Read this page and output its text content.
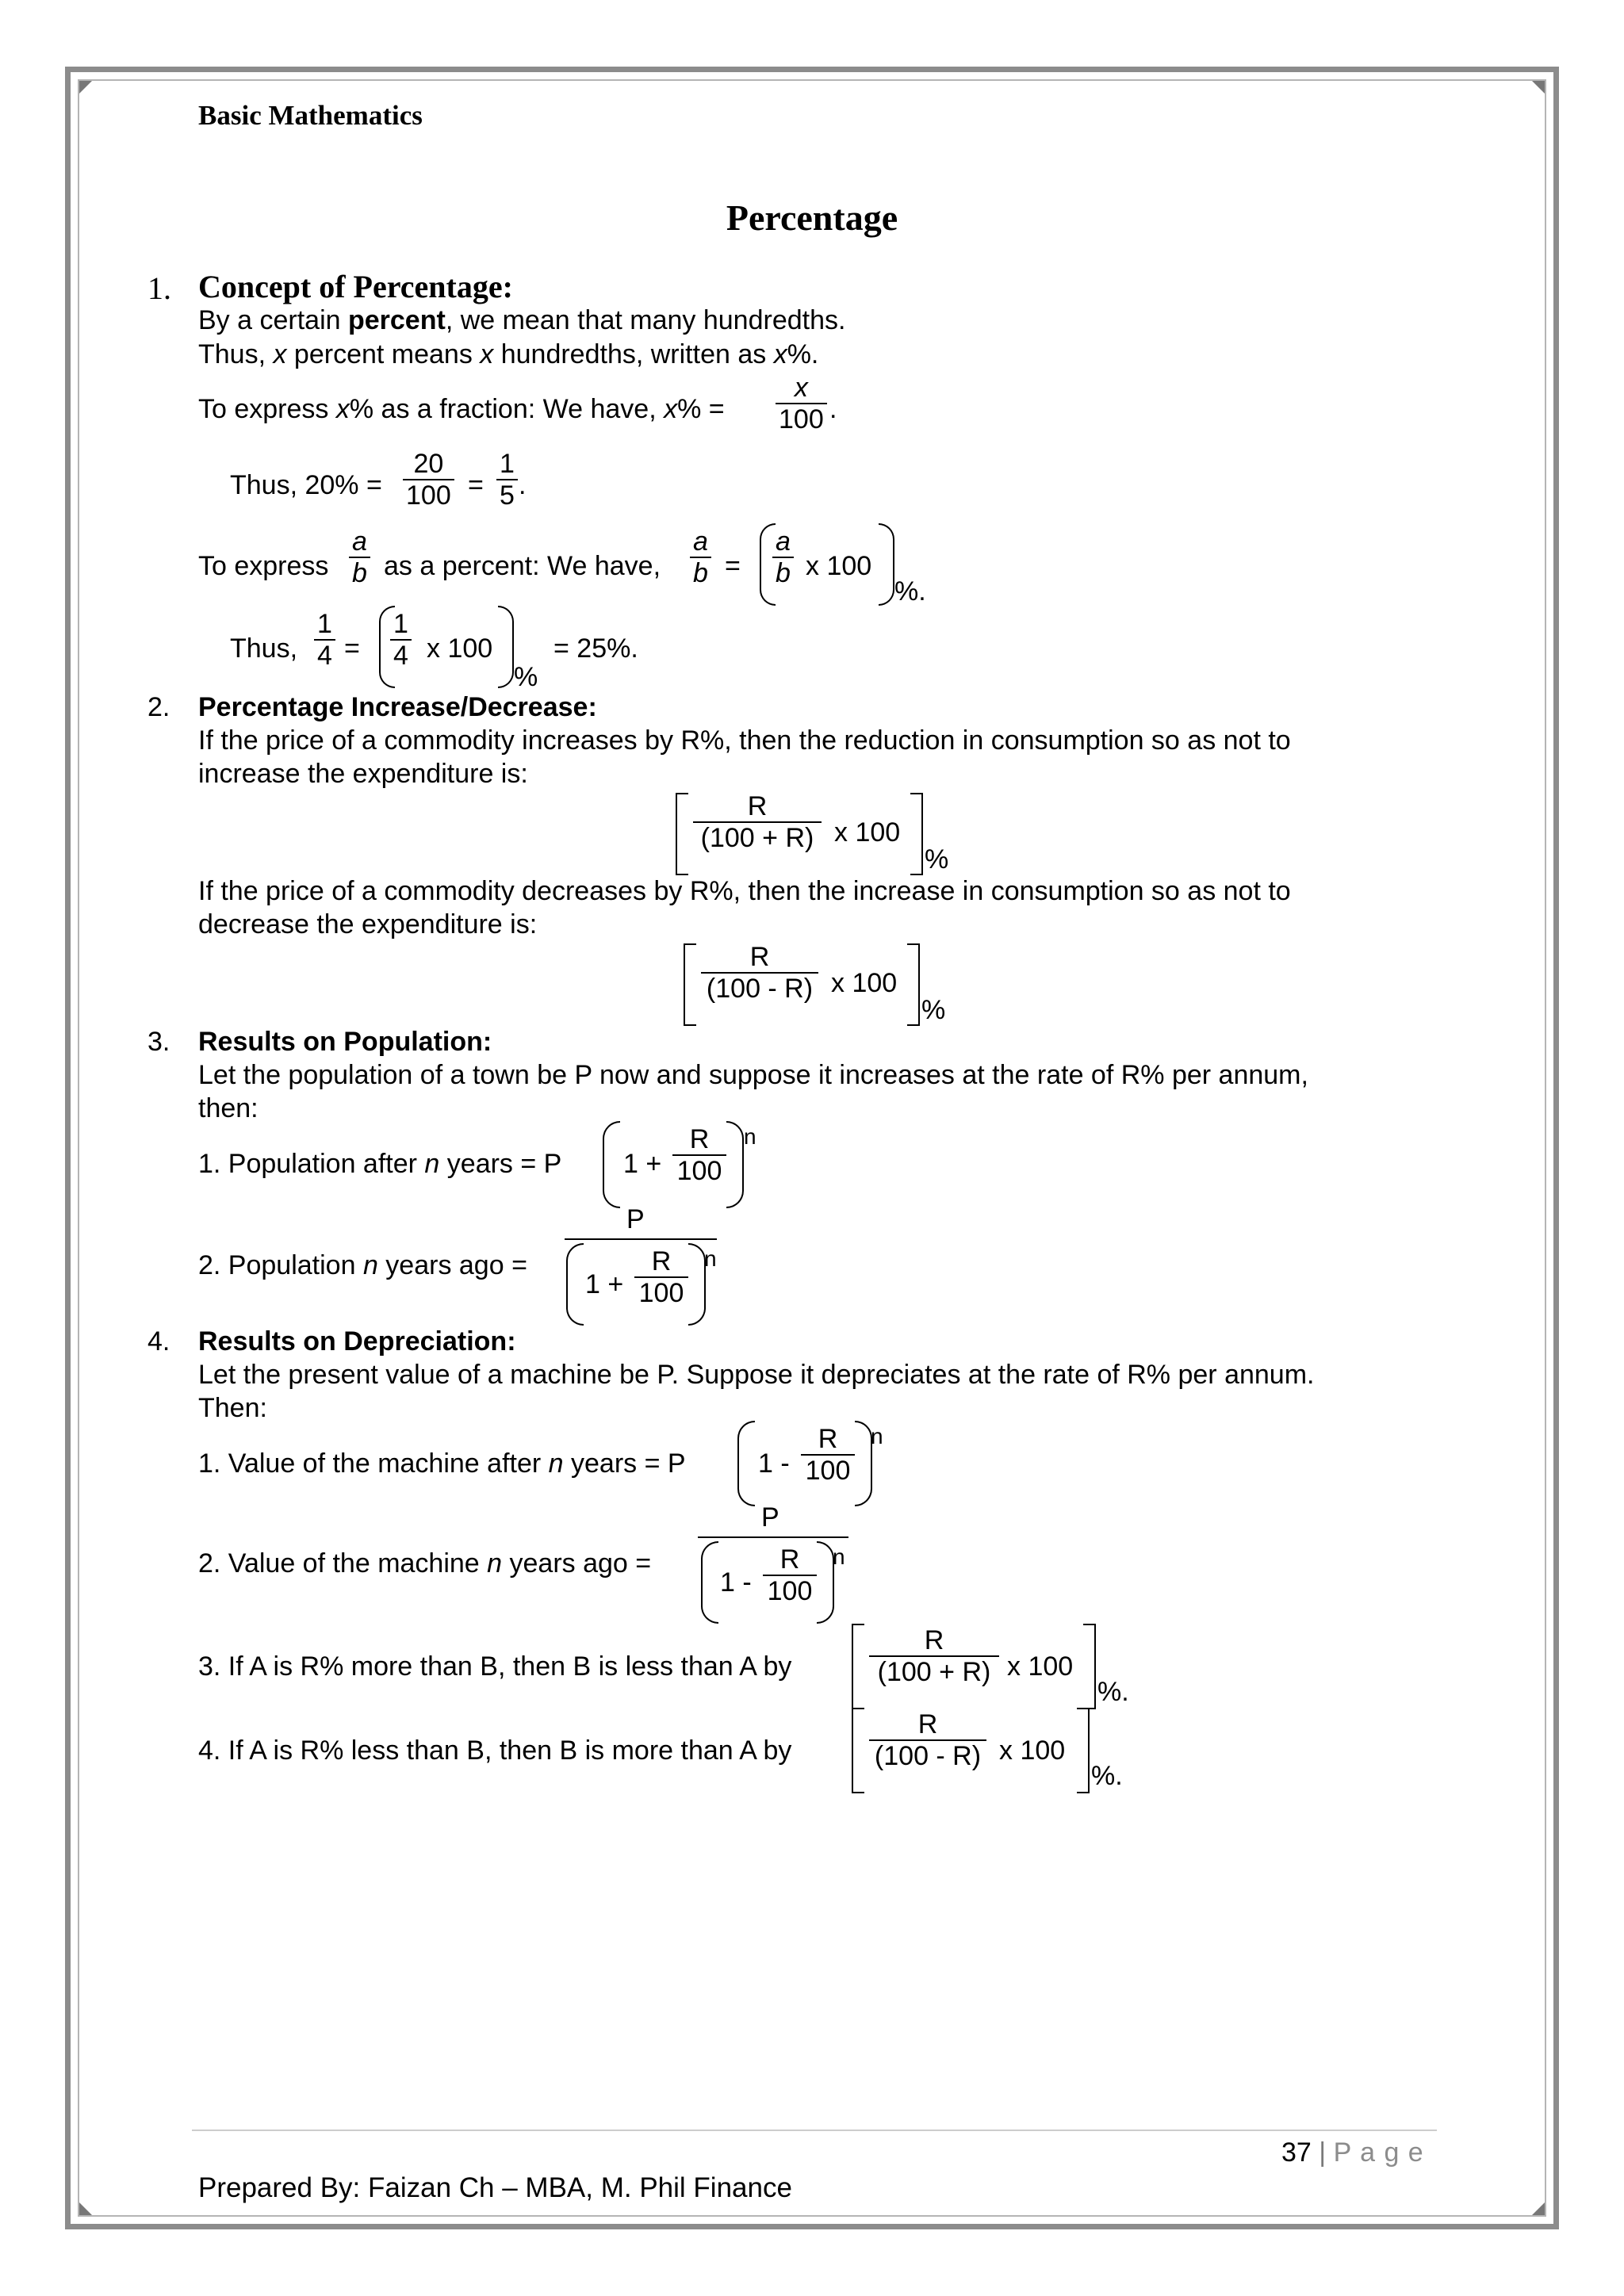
Basic Mathematics
Percentage
1. Concept of Percentage:
By a certain percent, we mean that many hundredths.
Thus, x percent means x hundredths, written as x%.
To express x% as a fraction: We have, $x\% = \frac{x}{100}$ .
Thus, $20\% = \frac{20}{100} = \frac{1}{5}$ .
To express $\frac{a}{b}$ as a percent: We have, $\frac{a}{b} = \frac{a}{b}$ x 100
%.
Thus, $\frac{1}{4} = \frac{1}{4}$ x 100
%
= 25%.
2. Percentage Increase/Decrease:
If the price of a commodity increases by R%, then the reduction in consumption so as not to
increase the expenditure is:
$\frac{R}{(100 + R)}$ x 100
%
If the price of a commodity decreases by R%, then the increase in consumption so as not to
decrease the expenditure is:
$\frac{R}{(100 - R)}$ x 100
%
3. Results on Population:
Let the population of a town be P now and suppose it increases at the rate of R% per annum,
then:
1. Population after n years = P $1 + \frac{R}{100}$ n
2. Population n years ago =
P
$1 + \frac{R}{100}$ n
4. Results on Depreciation:
Let the present value of a machine be P. Suppose it depreciates at the rate of R% per annum.
Then:
1. Value of the machine after n years = P	$1 - \frac{R}{100}$ n
2. Value of the machine n years ago =
P
$1 - \frac{R}{100}$ n
3. If A is R% more than B, then B is less than A by	$\frac{R}{(100 + R)}$ x 100
%.
4. If A is R% less than B, then B is more than A by	$\frac{R}{(100 - R)}$ x 100
%.
37 | P a g e
Prepared By: Faizan Ch – MBA, M. Phil Finance
